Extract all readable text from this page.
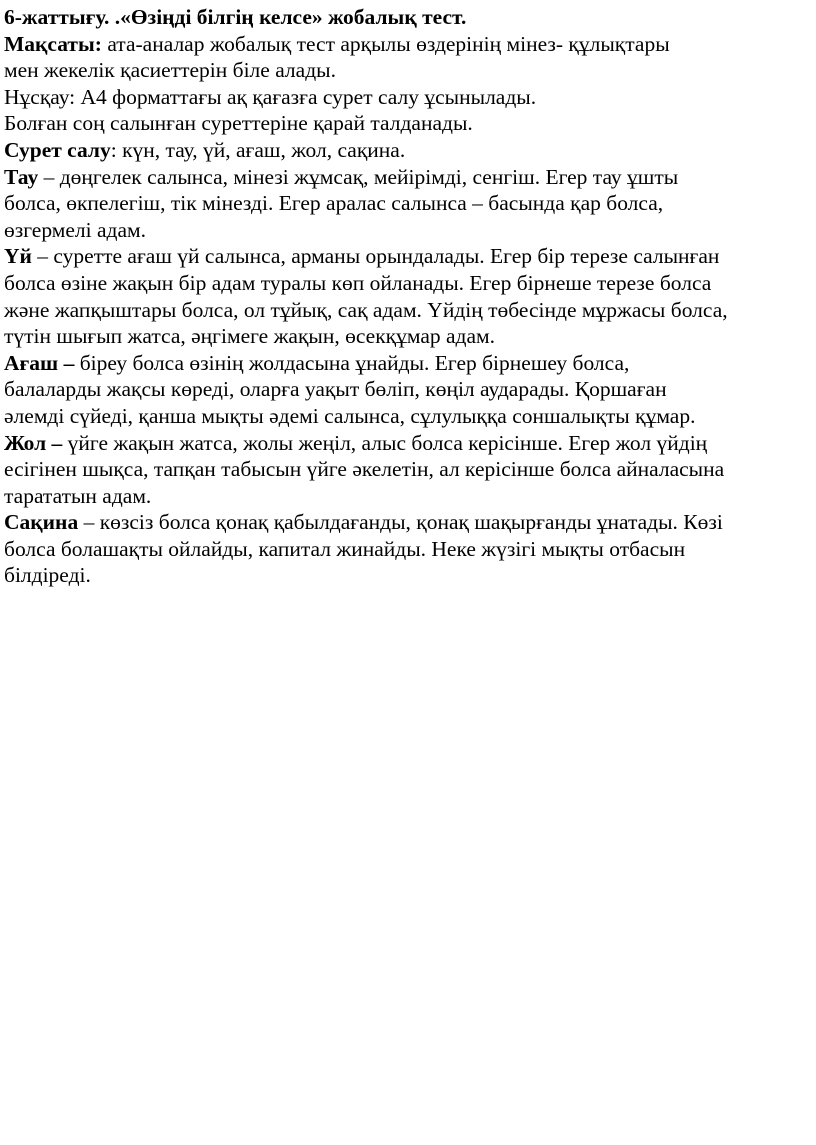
6-жаттығу. .«Өзіңді білгің келсе» жобалық тест.
Мақсаты: ата-аналар жобалық тест арқылы өздерінің мінез- құлықтары
мен жекелік қасиеттерін біле алады.
Нұсқау: А4 форматтағы ақ қағазға сурет салу ұсынылады.
Болған соң салынған суреттеріне қарай талданады.
Сурет салу: күн, тау, үй, ағаш, жол, сақина.
Тау – дөңгелек салынса, мінезі жұмсақ, мейірімді, сенгіш. Егер тау ұшты
болса, өкпелегіш, тік мінезді. Егер аралас салынса – басында қар болса,
өзгермелі адам.
Үй – суретте ағаш үй салынса, арманы орындалады. Егер бір терезе салынған
болса өзіне жақын бір адам туралы көп ойланады. Егер бірнеше терезе болса
және жапқыштары болса, ол тұйық, сақ адам. Үйдің төбесінде мұржасы болса,
түтін шығып жатса, әңгімеге жақын, өсекқұмар адам.
Ағаш – біреу болса өзінің жолдасына ұнайды. Егер бірнешеу болса,
балаларды жақсы көреді, оларға уақыт бөліп, көңіл аударады. Қоршаған
әлемді сүйеді, қанша мықты әдемі салынса, сұлулыққа соншалықты құмар.
Жол – үйге жақын жатса, жолы жеңіл, алыс болса керісінше. Егер жол үйдің
есігінен шықса, тапқан табысын үйге әкелетін, ал керісінше болса айналасына
тарататын адам.
Сақина – көзсіз болса қонақ қабылдағанды, қонақ шақырғанды ұнатады. Көзі
болса болашақты ойлайды, капитал жинайды. Неке жүзігі мықты отбасын
білдіреді.
